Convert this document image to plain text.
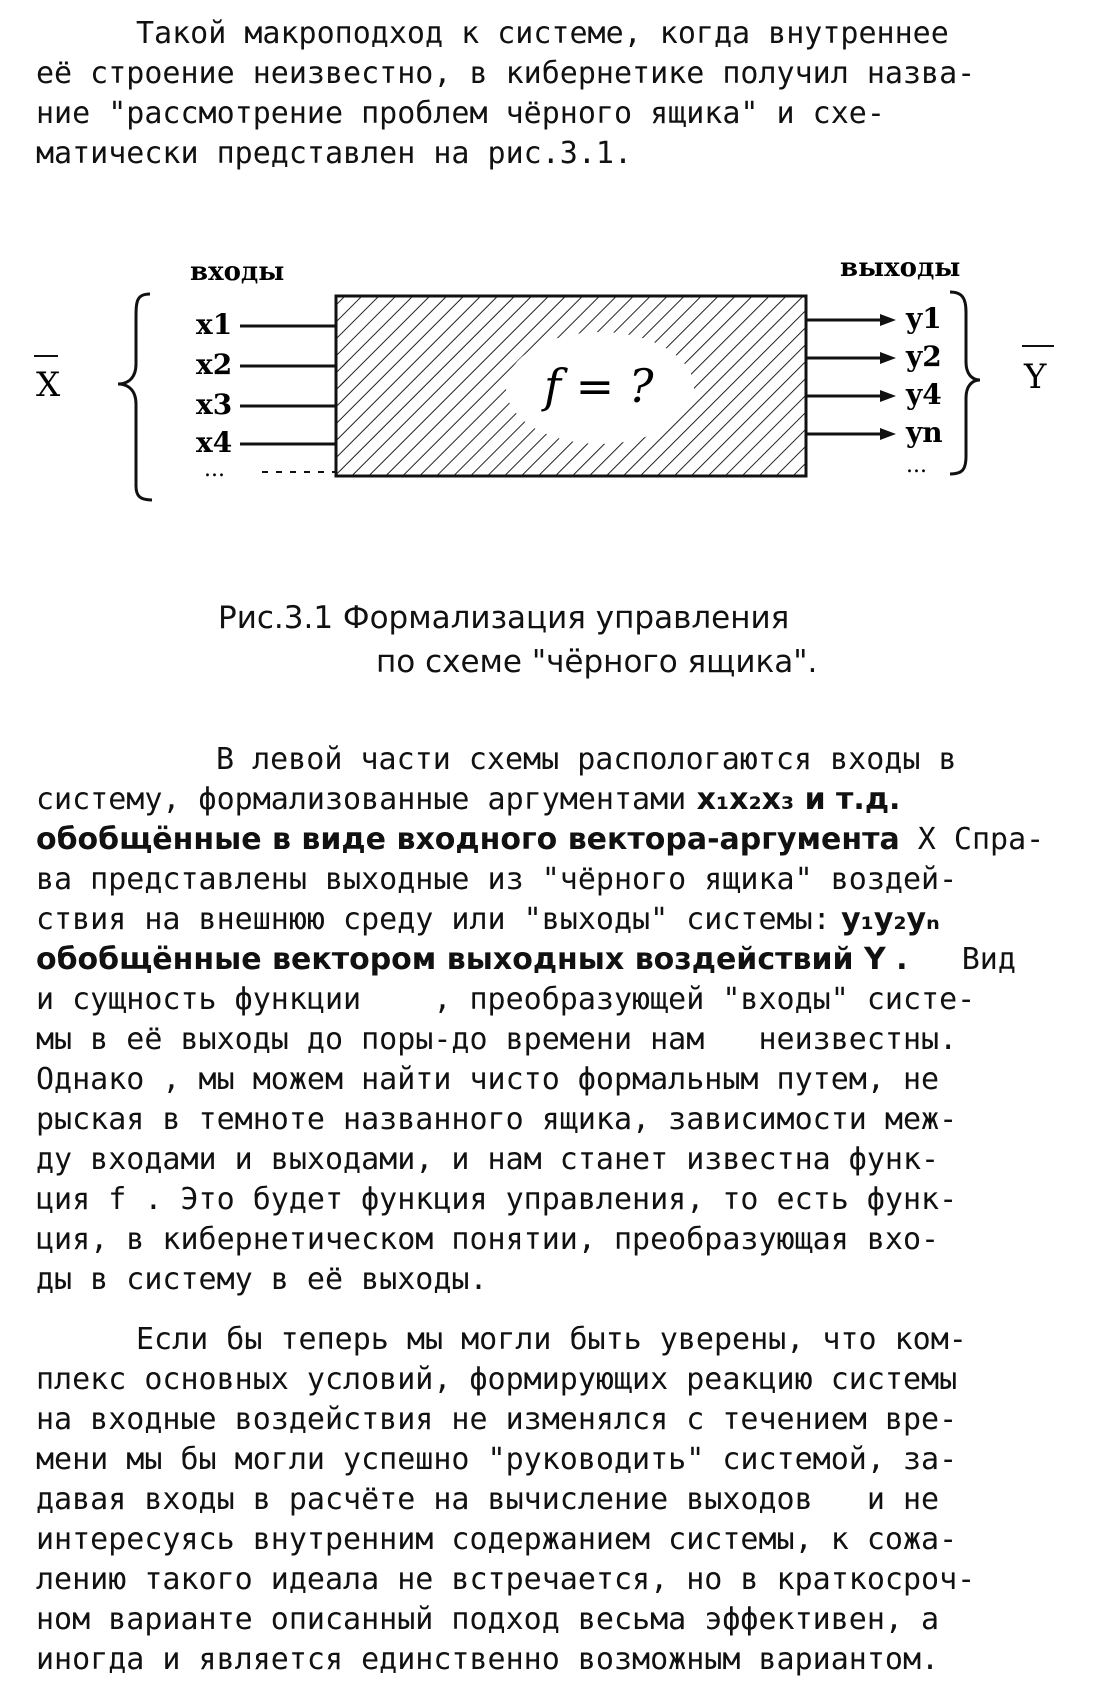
Такой макроподход к системе, когда внутреннее
её строение неизвестно, в кибернетике получил назва-
ние "рассмотрение проблем чёрного ящика" и схе-
матически представлен на рис.3.1.
входы	выходы
X
x1
x2
x3
x4
...
f = ?
y1
y2
y4
yn
...
Y
Рис.3.1 Формализация управления
по схеме "чёрного ящика".
В левой части схемы распологаются входы в
систему, формализованные аргументами x₁x₂x₃ и т.д.
обобщённые в виде входного вектора-аргумента X Спра-
ва представлены выходные из "чёрного ящика" воздей-
ствия на внешнюю среду или "выходы" системы: y₁y₂yₙ
обобщённые вектором выходных воздействий Y .   Вид
и сущность функции    , преобразующей "входы" систе-
мы в её выходы до поры-до времени нам   неизвестны.
Однако , мы можем найти чисто формальным путем, не
рыская в темноте названного ящика, зависимости меж-
ду входами и выходами, и нам станет известна функ-
ция f . Это будет функция управления, то есть функ-
ция, в кибернетическом понятии, преобразующая вхо-
ды в систему в её выходы.
Если бы теперь мы могли быть уверены, что ком-
плекс основных условий, формирующих реакцию системы
на входные воздействия не изменялся с течением вре-
мени мы бы могли успешно "руководить" системой, за-
давая входы в расчёте на вычисление выходов   и не
интересуясь внутренним содержанием системы, к сожа-
лению такого идеала не встречается, но в краткосроч-
ном варианте описанный подход весьма эффективен, а
иногда и является единственно возможным вариантом.
